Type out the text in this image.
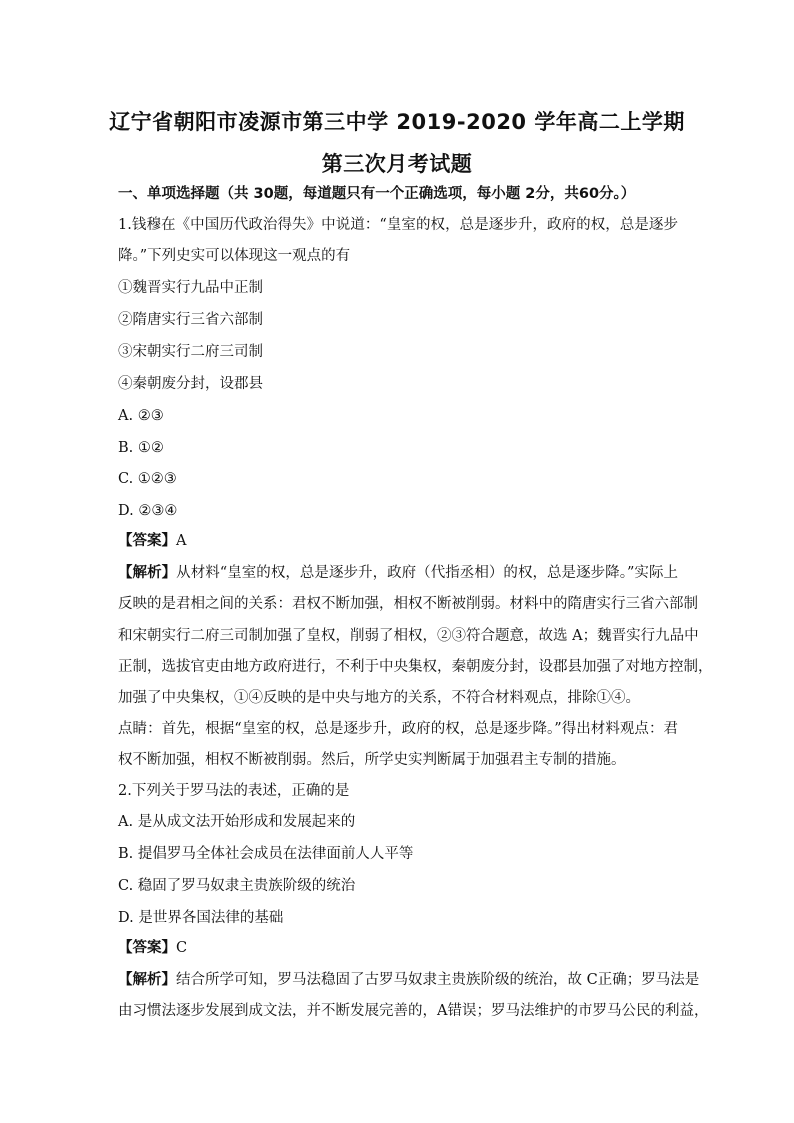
辽宁省朝阳市凌源市第三中学 2019-2020 学年高二上学期
第三次月考试题
一、单项选择题（共 30题，每道题只有一个正确选项，每小题 2分，共60分。）
1.钱穆在《中国历代政治得失》中说道：“皇室的权，总是逐步升，政府的权，总是逐步
降。”下列史实可以体现这一观点的有
①魏晋实行九品中正制
②隋唐实行三省六部制
③宋朝实行二府三司制
④秦朝废分封，设郡县
A. ②③
B. ①②
C. ①②③
D. ②③④
【答案】A
【解析】从材料“皇室的权，总是逐步升，政府（代指丞相）的权，总是逐步降。”实际上
反映的是君相之间的关系：君权不断加强，相权不断被削弱。材料中的隋唐实行三省六部制
和宋朝实行二府三司制加强了皇权，削弱了相权，②③符合题意，故选 A；魏晋实行九品中
正制，选拔官吏由地方政府进行，不利于中央集权，秦朝废分封，设郡县加强了对地方控制，
加强了中央集权，①④反映的是中央与地方的关系，不符合材料观点，排除①④。
点睛：首先，根据“皇室的权，总是逐步升，政府的权，总是逐步降。”得出材料观点：君
权不断加强，相权不断被削弱。然后，所学史实判断属于加强君主专制的措施。
2.下列关于罗马法的表述，正确的是
A. 是从成文法开始形成和发展起来的
B. 提倡罗马全体社会成员在法律面前人人平等
C. 稳固了罗马奴隶主贵族阶级的统治
D. 是世界各国法律的基础
【答案】C
【解析】结合所学可知，罗马法稳固了古罗马奴隶主贵族阶级的统治，故 C正确；罗马法是
由习惯法逐步发展到成文法，并不断发展完善的，A错误；罗马法维护的市罗马公民的利益，
